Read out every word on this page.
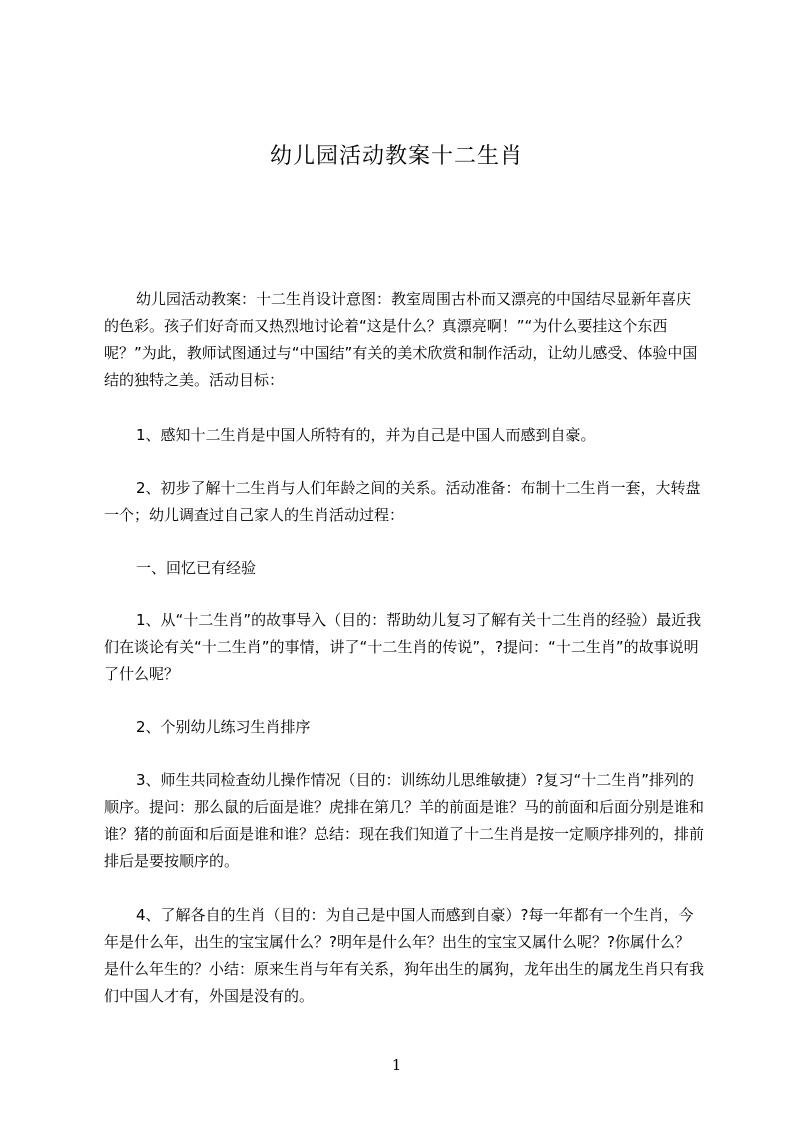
幼儿园活动教案十二生肖

幼儿园活动教案：十二生肖设计意图：教室周围古朴而又漂亮的中国结尽显新年喜庆的色彩。孩子们好奇而又热烈地讨论着“这是什么？真漂亮啊！”“为什么要挂这个东西呢？”为此，教师试图通过与“中国结”有关的美术欣赏和制作活动，让幼儿感受、体验中国结的独特之美。活动目标：

1、感知十二生肖是中国人所特有的，并为自己是中国人而感到自豪。

2、初步了解十二生肖与人们年龄之间的关系。活动准备：布制十二生肖一套，大转盘一个；幼儿调查过自己家人的生肖活动过程：

一、回忆已有经验

1、从“十二生肖”的故事导入（目的：帮助幼儿复习了解有关十二生肖的经验）最近我们在谈论有关“十二生肖”的事情，讲了“十二生肖的传说”，?提问：“十二生肖”的故事说明了什么呢？

2、个别幼儿练习生肖排序

3、师生共同检查幼儿操作情况（目的：训练幼儿思维敏捷）?复习“十二生肖”排列的顺序。提问：那么鼠的后面是谁？虎排在第几？羊的前面是谁？马的前面和后面分别是谁和谁？猪的前面和后面是谁和谁？总结：现在我们知道了十二生肖是按一定顺序排列的，排前排后是要按顺序的。

4、了解各自的生肖（目的：为自己是中国人而感到自豪）?每一年都有一个生肖，今年是什么年，出生的宝宝属什么？?明年是什么年？出生的宝宝又属什么呢？?你属什么？是什么年生的？小结：原来生肖与年有关系，狗年出生的属狗，龙年出生的属龙生肖只有我们中国人才有，外国是没有的。

1
